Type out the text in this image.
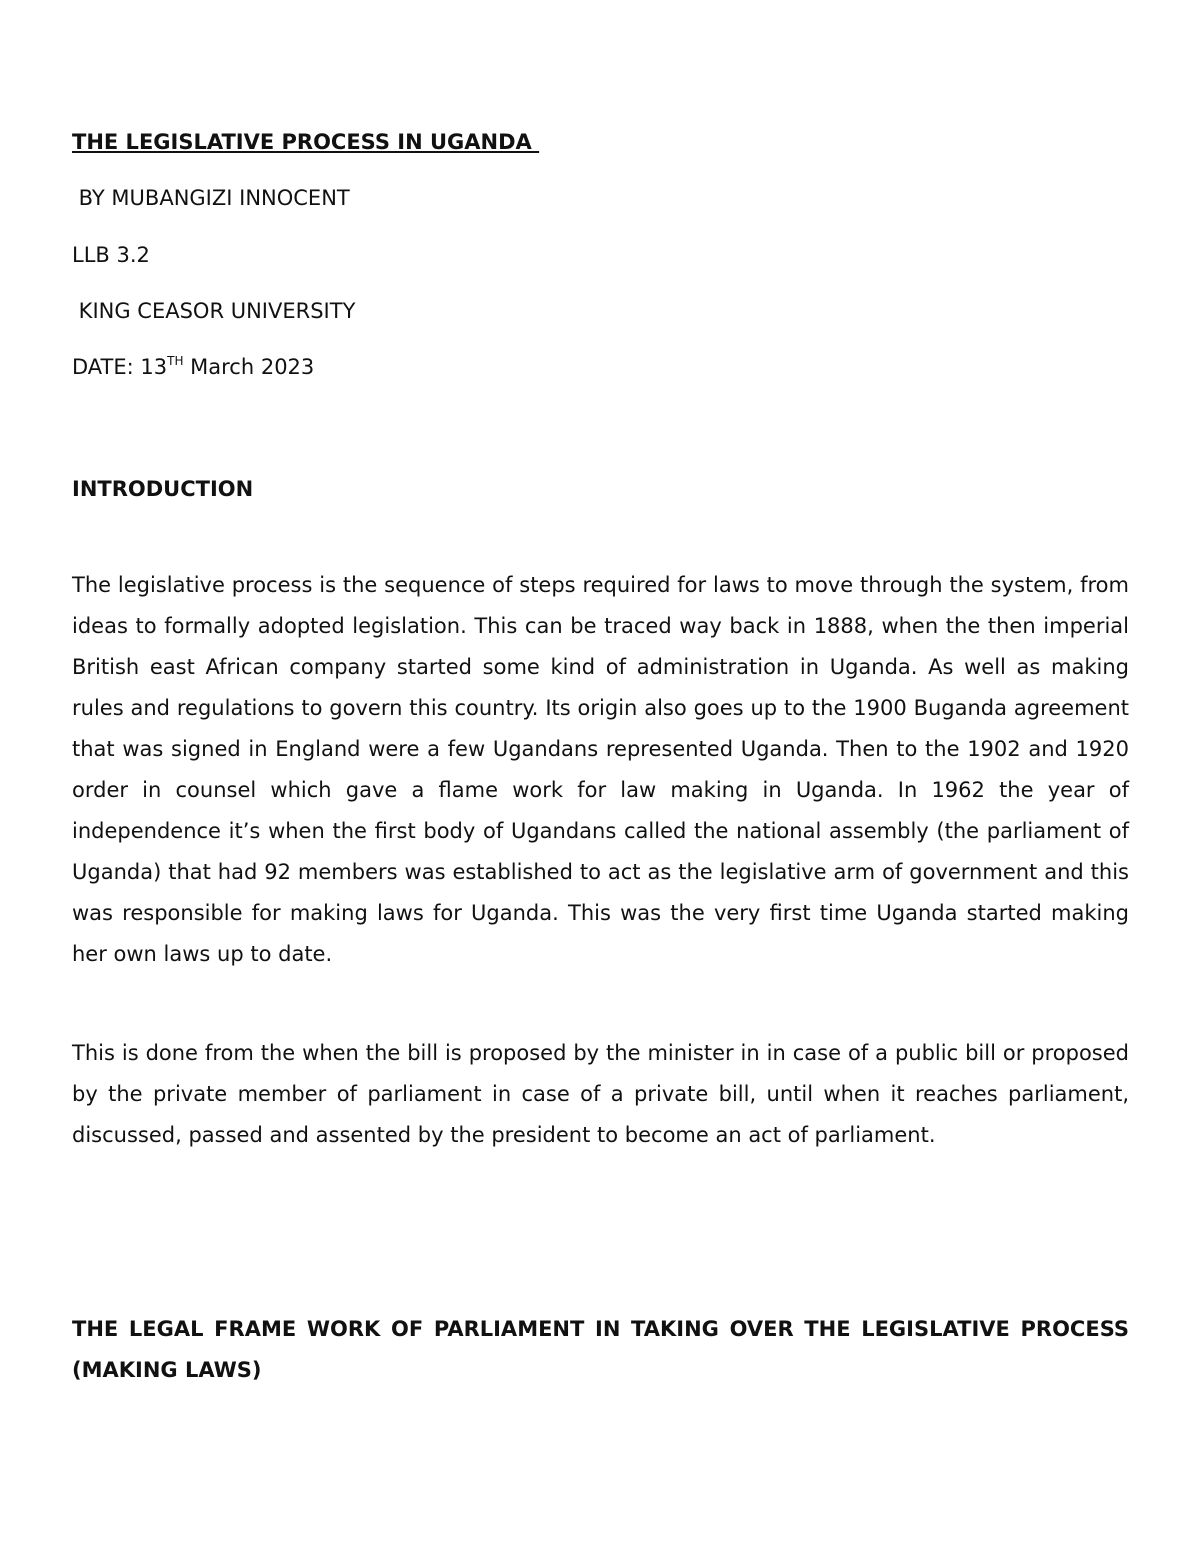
THE LEGISLATIVE PROCESS IN UGANDA
BY MUBANGIZI INNOCENT
LLB 3.2
KING CEASOR UNIVERSITY
DATE: 13TH March 2023
INTRODUCTION

The legislative process is the sequence of steps required for laws to move through the system, from ideas to formally adopted legislation. This can be traced way back in 1888, when the then imperial British east African company started some kind of administration in Uganda. As well as making rules and regulations to govern this country. Its origin also goes up to the 1900 Buganda agreement that was signed in England were a few Ugandans represented Uganda. Then to the 1902 and 1920 order in counsel which gave a flame work for law making in Uganda. In 1962 the year of independence it’s when the first body of Ugandans called the national assembly (the parliament of Uganda) that had 92 members was established to act as the legislative arm of government and this was responsible for making laws for Uganda. This was the very first time Uganda started making her own laws up to date.

This is done from the when the bill is proposed by the minister in in case of a public bill or proposed by the private member of parliament in case of a private bill, until when it reaches parliament, discussed, passed and assented by the president to become an act of parliament.

THE LEGAL FRAME WORK OF PARLIAMENT IN TAKING OVER THE LEGISLATIVE PROCESS (MAKING LAWS)
